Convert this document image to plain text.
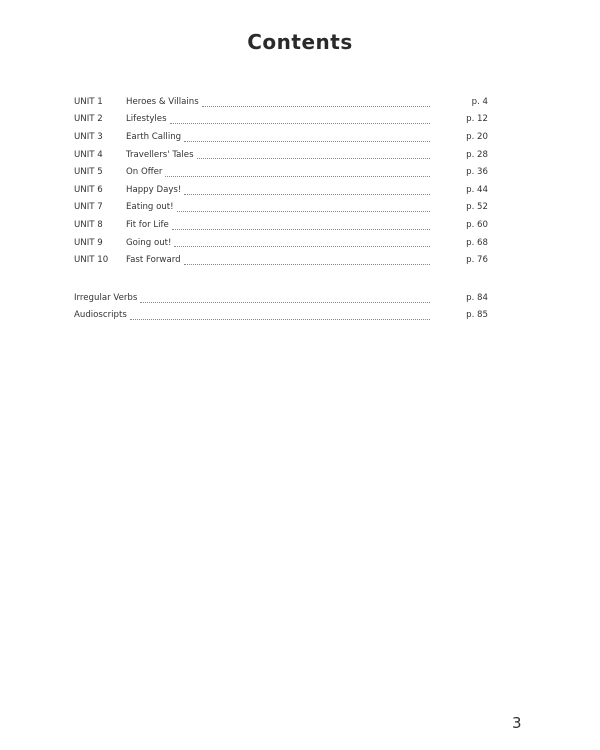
Contents
UNIT 1	Heroes & Villains	p. 4
UNIT 2	Lifestyles	p. 12
UNIT 3	Earth Calling	p. 20
UNIT 4	Travellers' Tales	p. 28
UNIT 5	On Offer	p. 36
UNIT 6	Happy Days!	p. 44
UNIT 7	Eating out!	p. 52
UNIT 8	Fit for Life	p. 60
UNIT 9	Going out!	p. 68
UNIT 10	Fast Forward	p. 76
Irregular Verbs	p. 84
Audioscripts	p. 85
3
